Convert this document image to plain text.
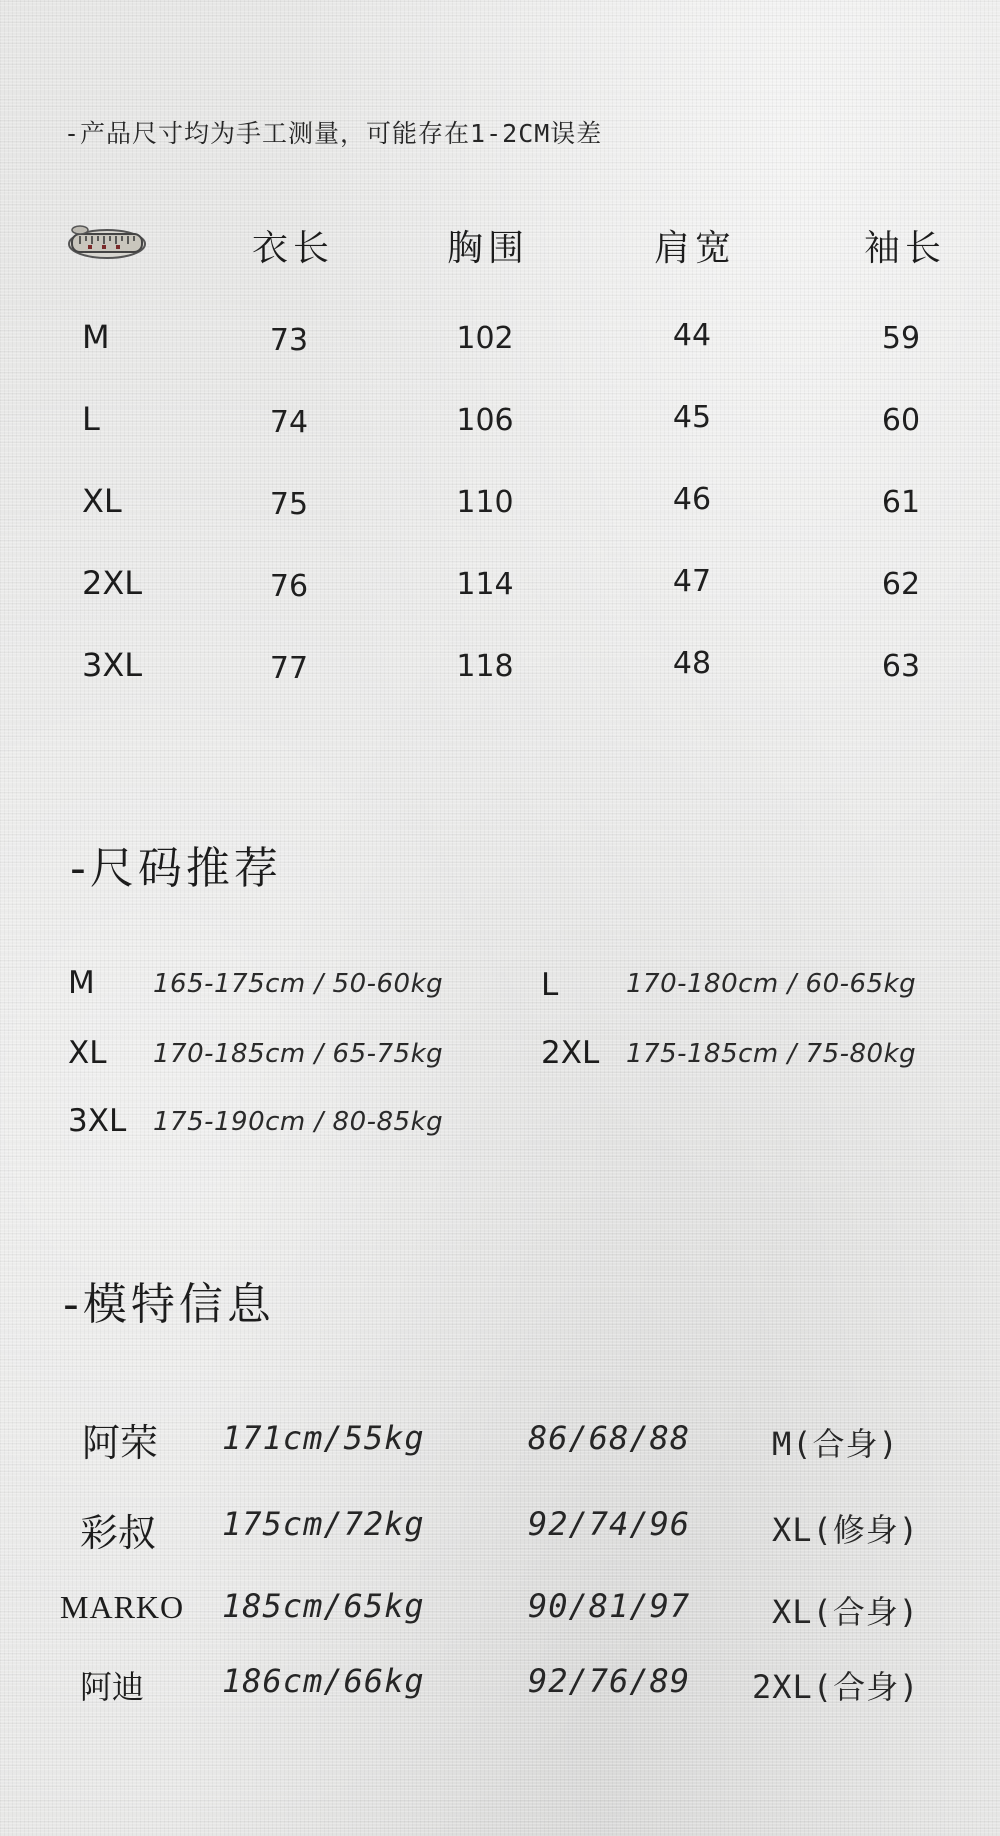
-产品尺寸均为手工测量，可能存在1-2CM误差
衣长	胸围	肩宽	袖长
M	73	102	44	59
L	74	106	45	60
XL	75	110	46	61
2XL	76	114	47	62
3XL	77	118	48	63
-尺码推荐
M 165-175cm / 50-60kg	L	170-180cm / 60-65kg
XL 170-185cm / 65-75kg	2XL 175-185cm / 75-80kg
3XL 175-190cm / 80-85kg
-模特信息
阿荣 171cm/55kg	86/68/88	M(合身)
彩叔 175cm/72kg	92/74/96	XL(修身)
MARKO 185cm/65kg	90/81/97	XL(合身)
阿迪 186cm/66kg	92/76/89 2XL(合身)
